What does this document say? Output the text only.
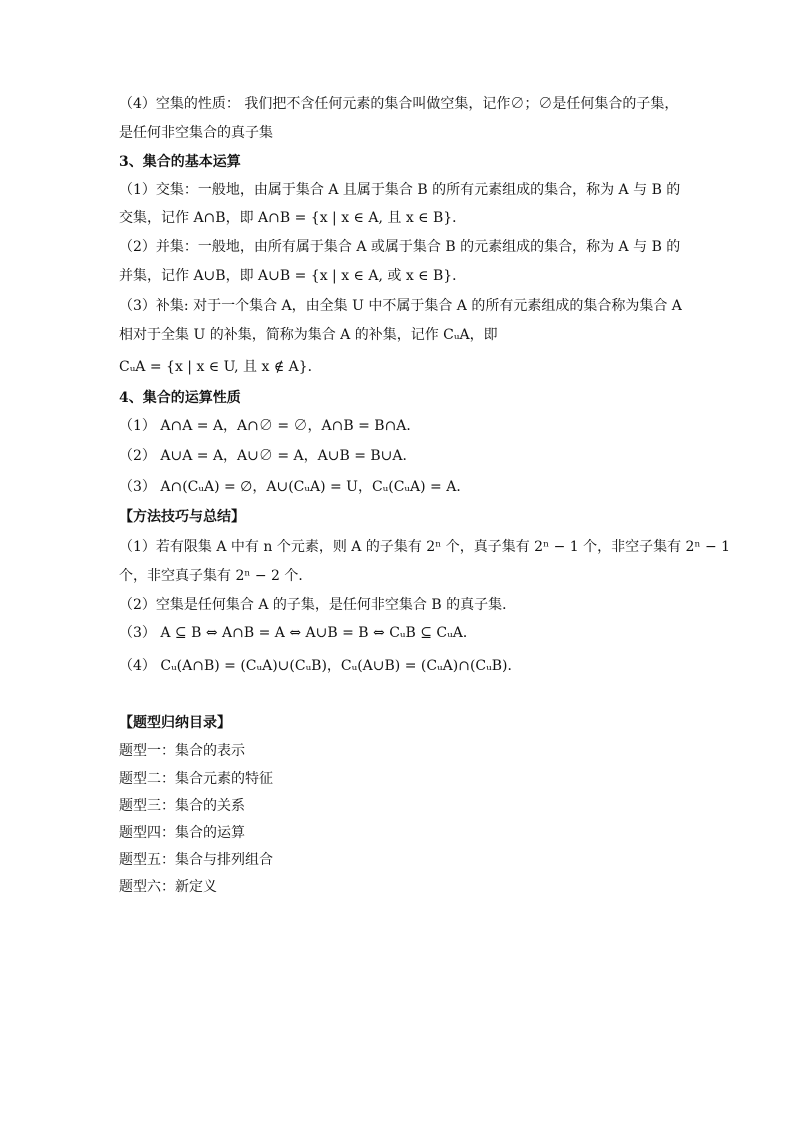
（4）空集的性质： 我们把不含任何元素的集合叫做空集，记作∅；∅是任何集合的子集，
是任何非空集合的真子集
3、集合的基本运算
（1）交集：一般地，由属于集合 A 且属于集合 B 的所有元素组成的集合，称为 A 与 B 的
交集，记作 A∩B，即 A∩B = {x | x ∈ A, 且 x ∈ B}．
（2）并集：一般地，由所有属于集合 A 或属于集合 B 的元素组成的集合，称为 A 与 B 的
并集，记作 A∪B，即 A∪B = {x | x ∈ A, 或 x ∈ B}．
（3）补集: 对于一个集合 A，由全集 U 中不属于集合 A 的所有元素组成的集合称为集合 A
相对于全集 U 的补集，简称为集合 A 的补集，记作 CᵤA，即
CᵤA = {x | x ∈ U, 且 x ∉ A}．
4、集合的运算性质
（1） A∩A = A，A∩∅ = ∅，A∩B = B∩A．
（2） A∪A = A，A∪∅ = A，A∪B = B∪A．
（3） A∩(CᵤA) = ∅，A∪(CᵤA) = U，Cᵤ(CᵤA) = A．
【方法技巧与总结】
（1）若有限集 A 中有 n 个元素，则 A 的子集有 2ⁿ 个，真子集有 2ⁿ − 1 个，非空子集有 2ⁿ − 1
个，非空真子集有 2ⁿ − 2 个．
（2）空集是任何集合 A 的子集，是任何非空集合 B 的真子集．
（3） A ⊆ B ⇔ A∩B = A ⇔ A∪B = B ⇔ CᵤB ⊆ CᵤA．
（4） Cᵤ(A∩B) = (CᵤA)∪(CᵤB)，Cᵤ(A∪B) = (CᵤA)∩(CᵤB)．
【题型归纳目录】
题型一：集合的表示
题型二：集合元素的特征
题型三：集合的关系
题型四：集合的运算
题型五：集合与排列组合
题型六：新定义
